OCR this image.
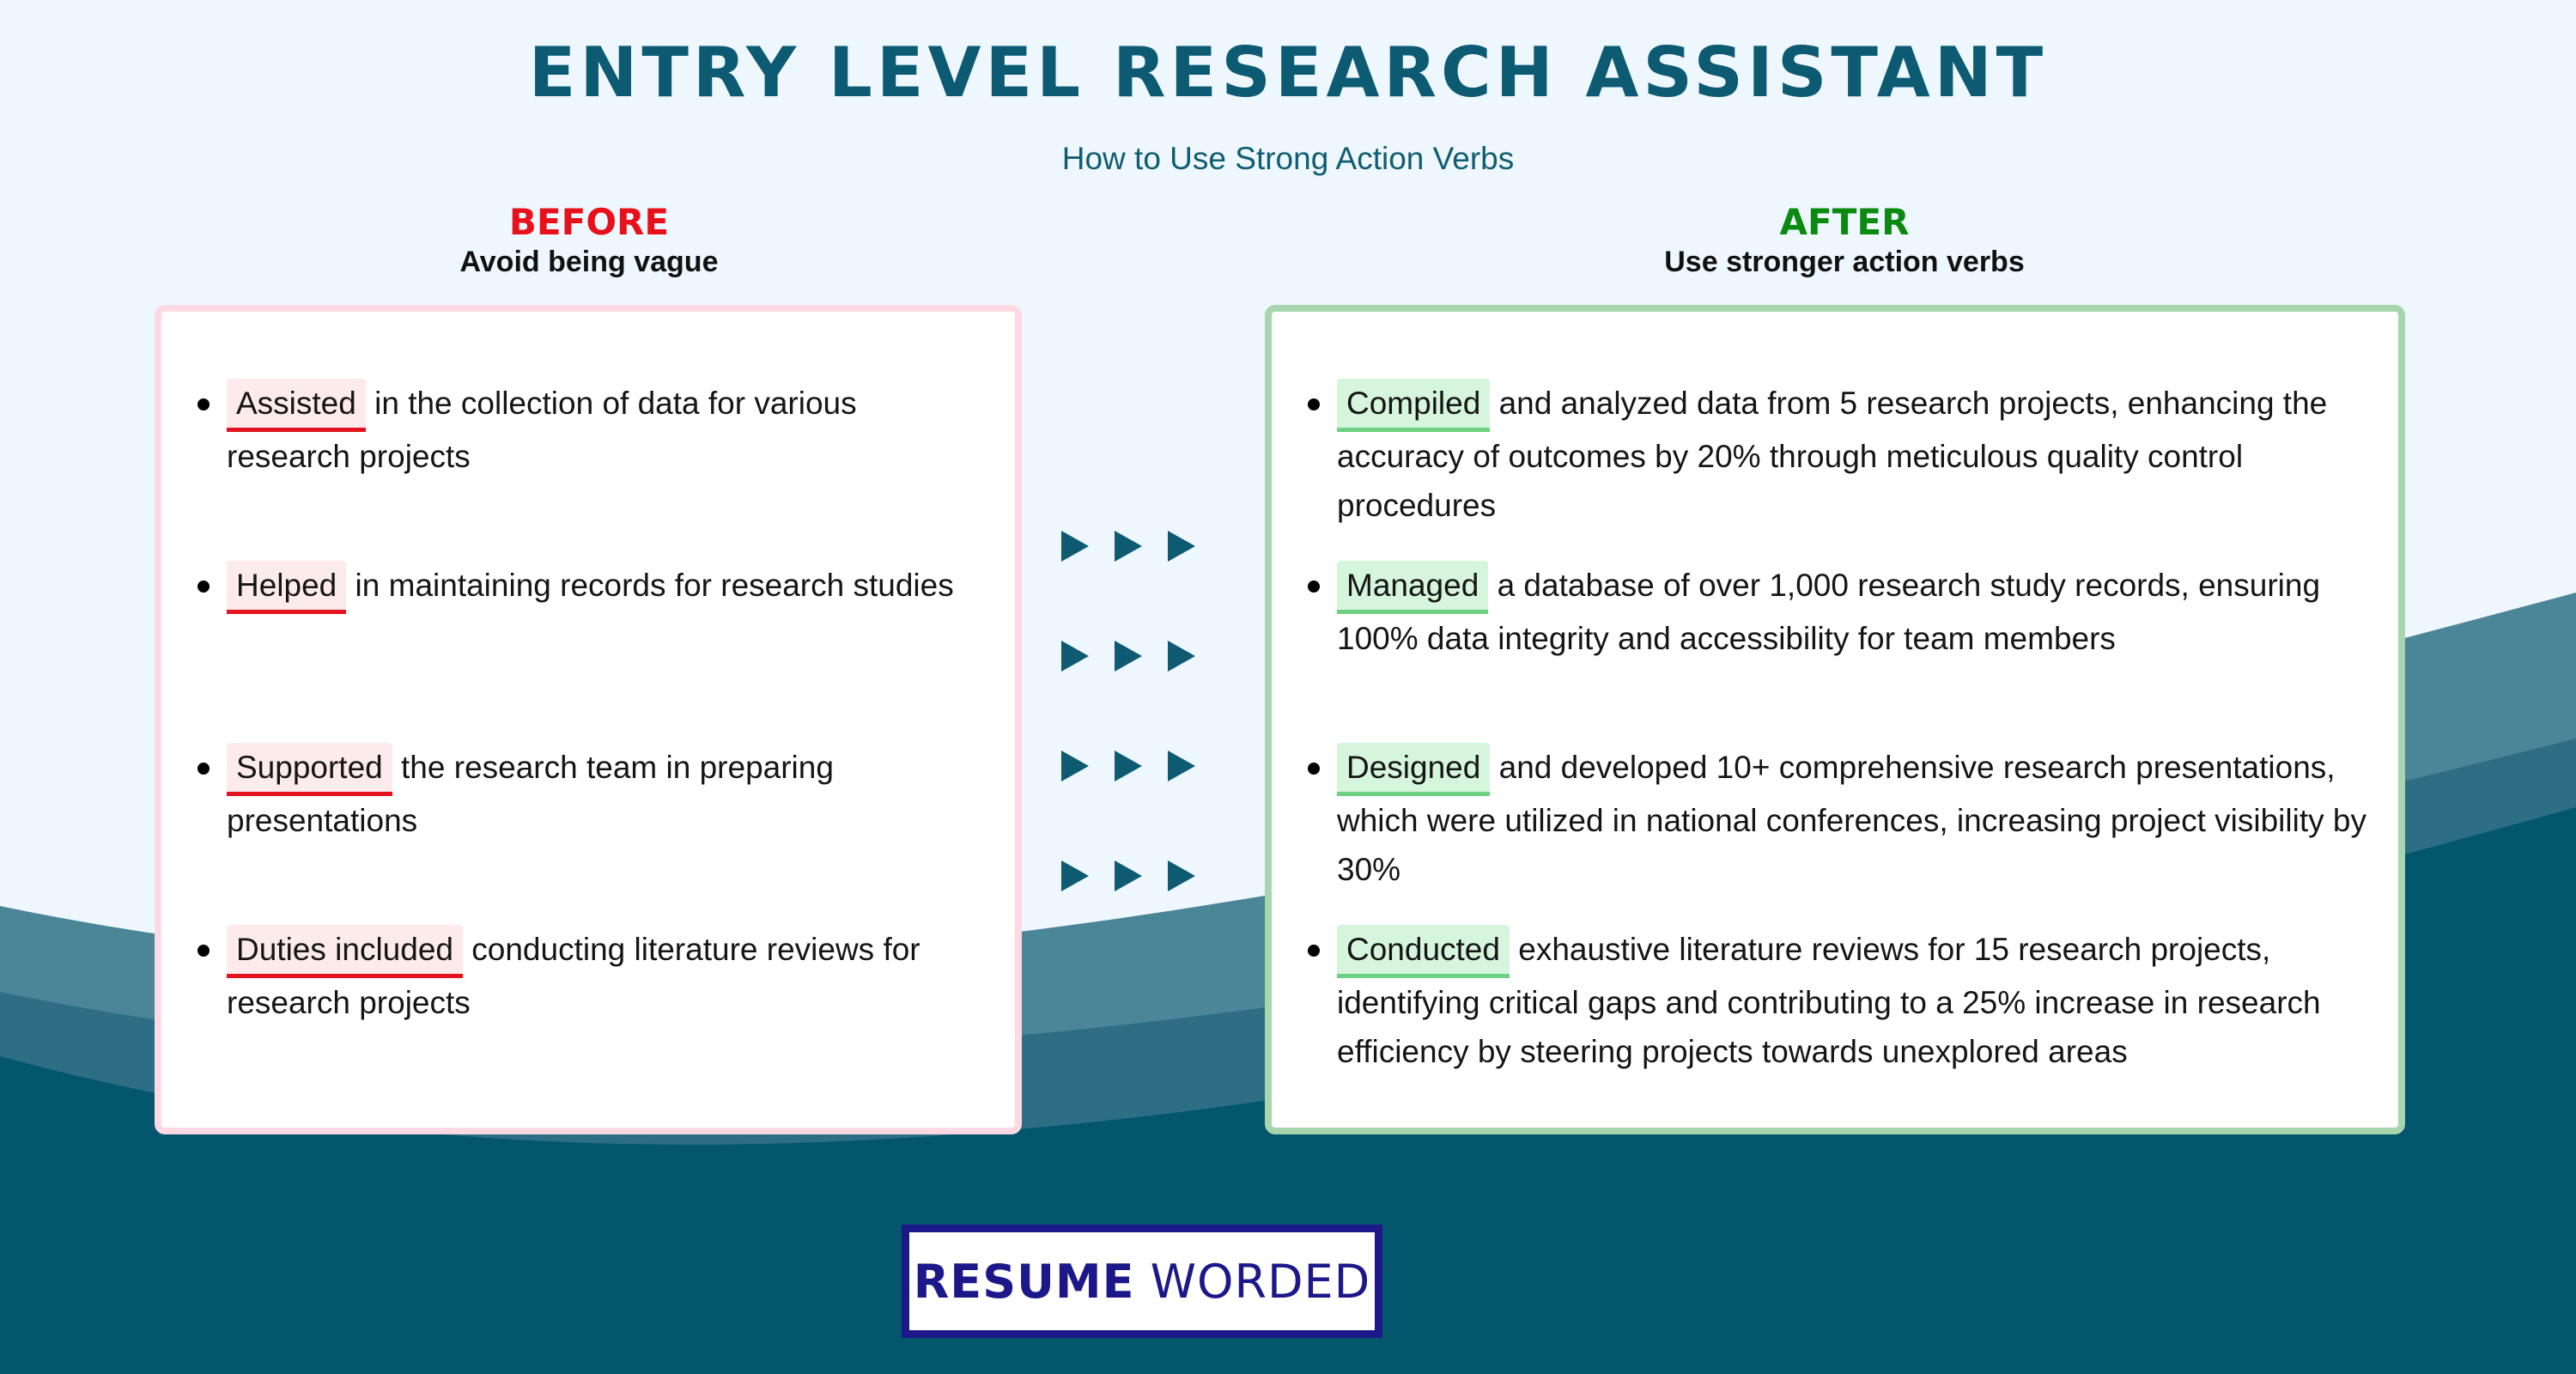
ENTRY LEVEL RESEARCH ASSISTANT
How to Use Strong Action Verbs
BEFORE
Avoid being vague
AFTER
Use stronger action verbs
Assisted in the collection of data for various research projects
Helped in maintaining records for research studies
Supported the research team in preparing presentations
Duties included conducting literature reviews for research projects
Compiled and analyzed data from 5 research projects, enhancing the accuracy of outcomes by 20% through meticulous quality control procedures
Managed a database of over 1,000 research study records, ensuring 100% data integrity and accessibility for team members
Designed and developed 10+ comprehensive research presentations, which were utilized in national conferences, increasing project visibility by 30%
Conducted exhaustive literature reviews for 15 research projects, identifying critical gaps and contributing to a 25% increase in research efficiency by steering projects towards unexplored areas
RESUME WORDED
